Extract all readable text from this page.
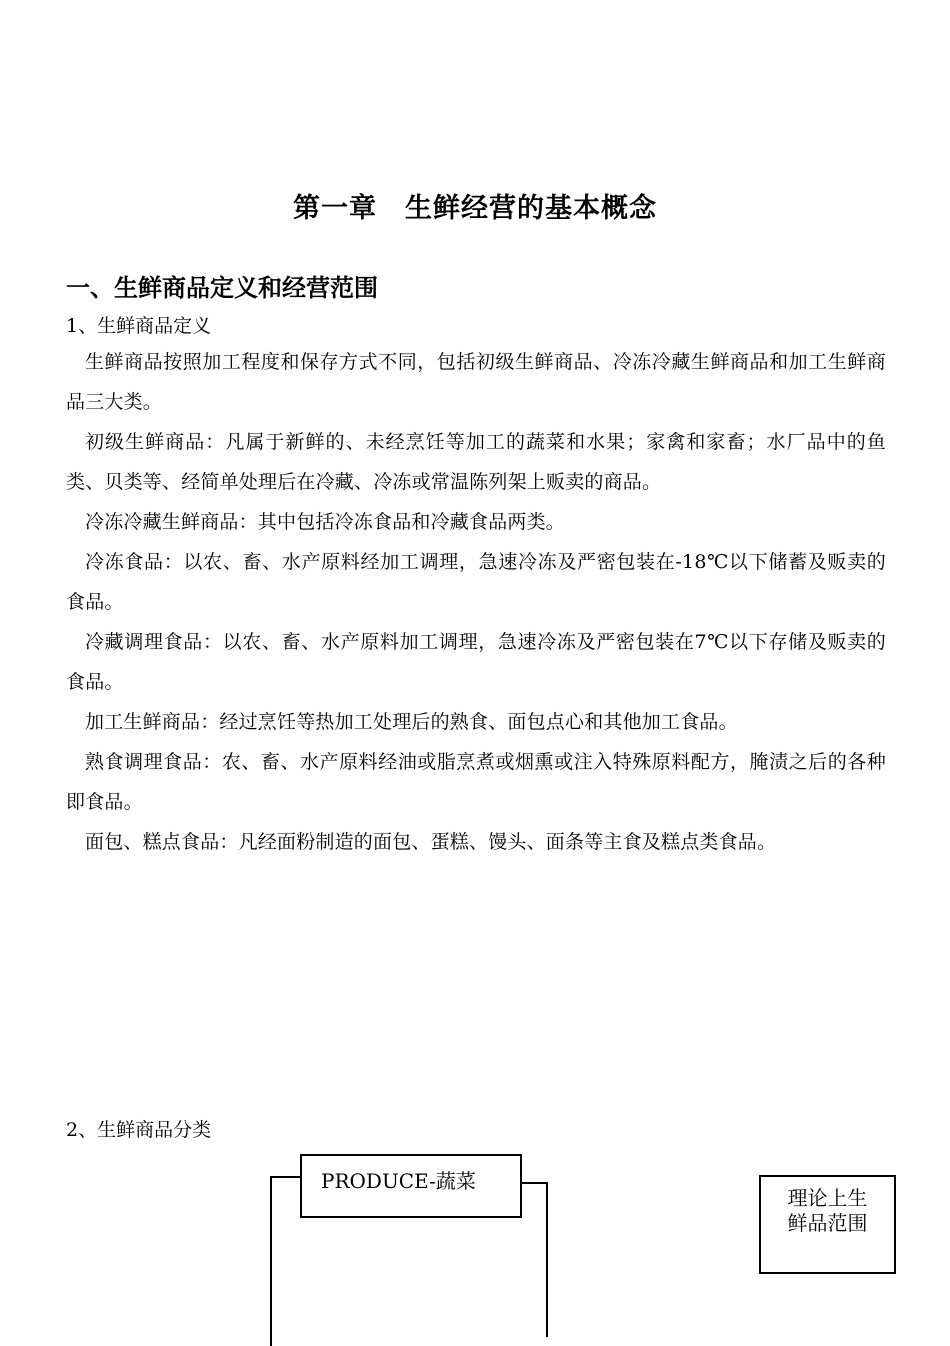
第一章　生鲜经营的基本概念
一、生鲜商品定义和经营范围
1、生鲜商品定义

生鲜商品按照加工程度和保存方式不同，包括初级生鲜商品、冷冻冷藏生鲜商品和加工生鲜商品三大类。

初级生鲜商品：凡属于新鲜的、未经烹饪等加工的蔬菜和水果；家禽和家畜；水厂品中的鱼类、贝类等、经简单处理后在冷藏、冷冻或常温陈列架上贩卖的商品。

冷冻冷藏生鲜商品：其中包括冷冻食品和冷藏食品两类。

冷冻食品：以农、畜、水产原料经加工调理，急速冷冻及严密包装在-18℃以下储蓄及贩卖的食品。

冷藏调理食品：以农、畜、水产原料加工调理，急速冷冻及严密包装在7℃以下存储及贩卖的食品。

加工生鲜商品：经过烹饪等热加工处理后的熟食、面包点心和其他加工食品。

熟食调理食品：农、畜、水产原料经油或脂烹煮或烟熏或注入特殊原料配方，腌渍之后的各种即食品。

面包、糕点食品：凡经面粉制造的面包、蛋糕、馒头、面条等主食及糕点类食品。

2、生鲜商品分类
PRODUCE-蔬菜
理论上生鲜品范围
